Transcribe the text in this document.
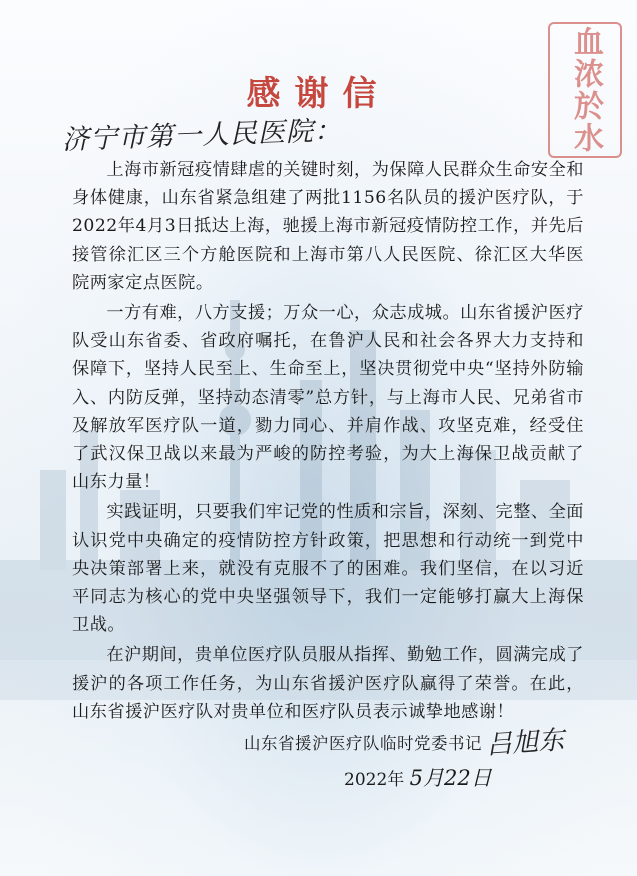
血浓於水
感谢信
济宁市第一人民医院：

上海市新冠疫情肆虐的关键时刻，为保障人民群众生命安全和身体健康，山东省紧急组建了两批1156名队员的援沪医疗队，于2022年4月3日抵达上海，驰援上海市新冠疫情防控工作，并先后接管徐汇区三个方舱医院和上海市第八人民医院、徐汇区大华医院两家定点医院。

一方有难，八方支援；万众一心，众志成城。山东省援沪医疗队受山东省委、省政府嘱托，在鲁沪人民和社会各界大力支持和保障下，坚持人民至上、生命至上，坚决贯彻党中央“坚持外防输入、内防反弹，坚持动态清零”总方针，与上海市人民、兄弟省市及解放军医疗队一道，勠力同心、并肩作战、攻坚克难，经受住了武汉保卫战以来最为严峻的防控考验，为大上海保卫战贡献了山东力量！

实践证明，只要我们牢记党的性质和宗旨，深刻、完整、全面认识党中央确定的疫情防控方针政策，把思想和行动统一到党中央决策部署上来，就没有克服不了的困难。我们坚信，在以习近平同志为核心的党中央坚强领导下，我们一定能够打赢大上海保卫战。

在沪期间，贵单位医疗队员服从指挥、勤勉工作，圆满完成了援沪的各项工作任务，为山东省援沪医疗队赢得了荣誉。在此，山东省援沪医疗队对贵单位和医疗队员表示诚挚地感谢！

山东省援沪医疗队临时党委书记 吕旭东
2022年 5月22日
